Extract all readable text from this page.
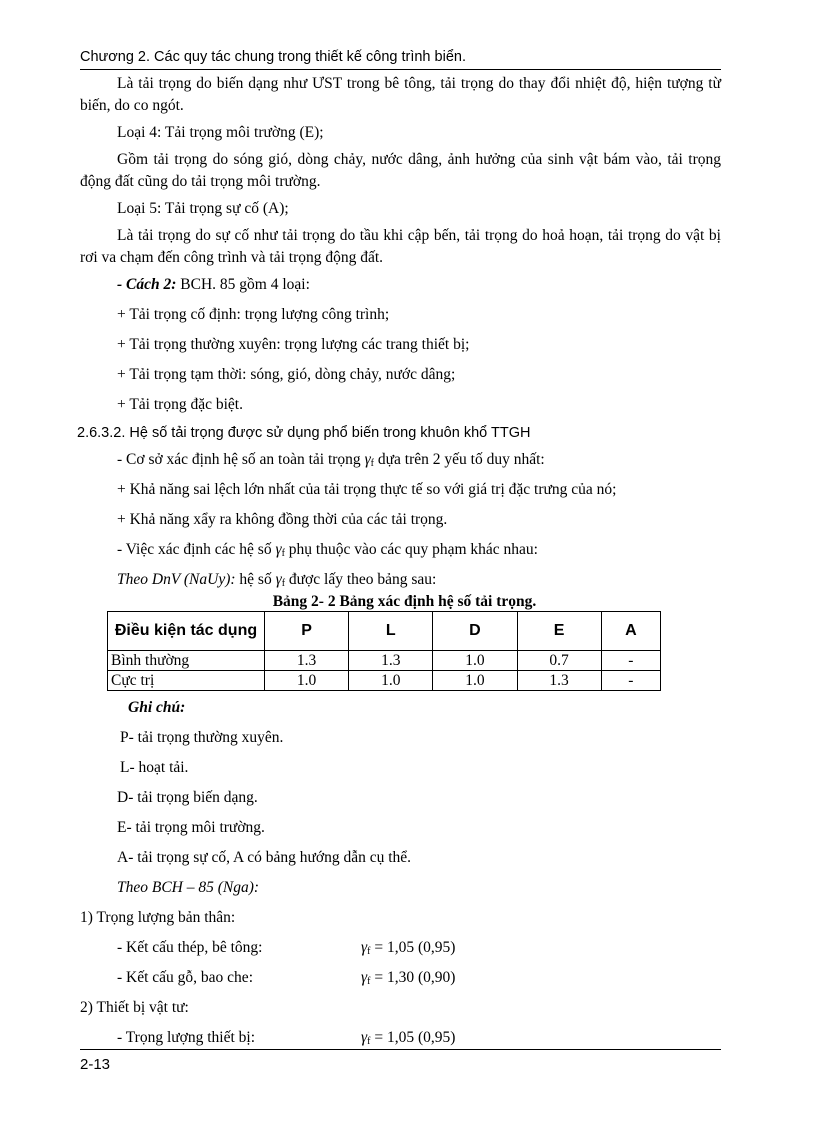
Chương 2. Các quy tác chung trong thiết kế công trình biển.

Là tải trọng do biến dạng như ƯST trong bê tông, tải trọng do thay đổi nhiệt độ, hiện tượng từ biến, do co ngót.

Loại 4: Tải trọng môi trường (E);

Gồm tải trọng do sóng gió, dòng chảy, nước dâng, ảnh hưởng của sinh vật bám vào, tải trọng động đất cũng do tải trọng môi trường.

Loại 5: Tải trọng sự cố (A);

Là tải trọng do sự cố như tải trọng do tầu khi cập bến, tải trọng do hoả hoạn, tải trọng do vật bị rơi va chạm đến công trình và tải trọng động đất.

- Cách 2: BCH. 85 gồm 4 loại:

+ Tải trọng cố định: trọng lượng công trình;

+ Tải trọng thường xuyên: trọng lượng các trang thiết bị;

+ Tải trọng tạm thời: sóng, gió, dòng chảy, nước dâng;

+ Tải trọng đặc biệt.

2.6.3.2. Hệ số tải trọng được sử dụng phổ biến trong khuôn khổ TTGH

- Cơ sở xác định hệ số an toàn tải trọng $\gamma_f$ dựa trên 2 yếu tố duy nhất:

+ Khả năng sai lệch lớn nhất của tải trọng thực tế so với giá trị đặc trưng của nó;

+ Khả năng xẩy ra không đồng thời của các tải trọng.

- Việc xác định các hệ số $\gamma_f$ phụ thuộc vào các quy phạm khác nhau:

Theo DnV (NaUy): hệ số $\gamma_f$ được lấy theo bảng sau:

Bảng 2- 2 Bảng xác định hệ số tải trọng.

Điều kiện tác dụng	P	L	D	E	A
Bình thường	1.3	1.3	1.0	0.7	-
Cực trị	1.0	1.0	1.0	1.3	-

Ghi chú:

P- tải trọng thường xuyên.

L- hoạt tải.

D- tải trọng biến dạng.

E- tải trọng môi trường.

A- tải trọng sự cố, A có bảng hướng dẫn cụ thể.

Theo BCH – 85 (Nga):

1) Trọng lượng bản thân:

- Kết cấu thép, bê tông:	$\gamma_f = 1,05$ (0,95)
- Kết cấu gỗ, bao che:	$\gamma_f = 1,30$ (0,90)

2) Thiết bị vật tư:

- Trọng lượng thiết bị:	$\gamma_f = 1,05$ (0,95)
2-13
